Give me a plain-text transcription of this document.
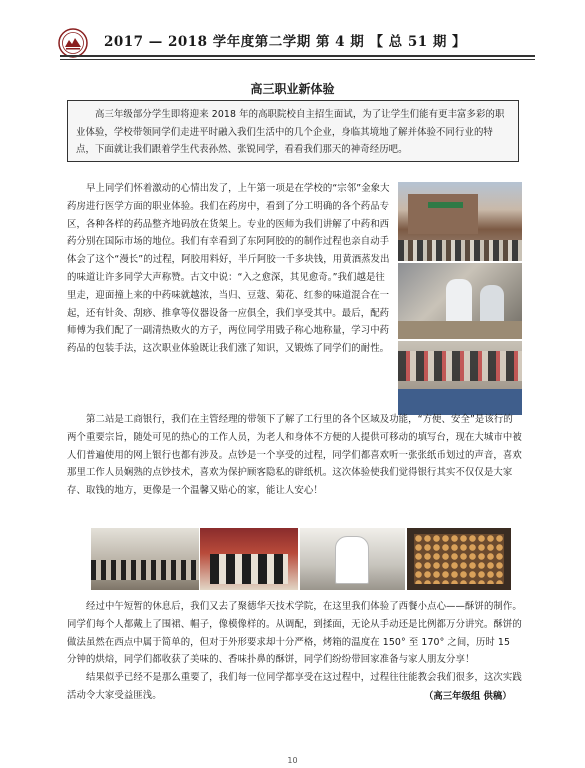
2017 — 2018 学年度第二学期 第 4 期 【 总 51 期 】
高三职业新体验
高三年级部分学生即将迎来 2018 年的高职院校自主招生面试，为了让学生们能有更丰富多彩的职业体验，学校带领同学们走进平时融入我们生活中的几个企业，身临其境地了解并体验不同行业的特点，下面就让我们跟着学生代表孙然、张锐同学，看看我们那天的神奇经历吧。
早上同学们怀着激动的心情出发了，上午第一项是在学校的“宗邻”金象大药房进行医学方面的职业体验。我们在药房中，看到了分工明确的各个药品专区，各种各样的药品整齐地码放在货架上。专业的医师为我们讲解了中药和西药分别在国际市场的地位。我们有幸看到了东阿阿胶的的制作过程也亲自动手体会了这个“漫长”的过程，阿胶用料好，半斤阿胶一千多块钱，用黄酒蒸发出的味道让许多同学大声称赞。古文中说：“入之愈深，其见愈奇。”我们越是往里走，迎面撞上来的中药味就越浓，当归、豆蔻、菊花、红参的味道混合在一起，还有针灸、刮痧、推拿等仪器设备一应俱全，我们享受其中。最后，配药师傅为我们配了一副清热败火的方子，两位同学用戥子称心地称量，学习中药药品的包装手法，这次职业体验既让我们涨了知识，又锻炼了同学们的耐性。
第二站是工商银行，我们在主管经理的带领下了解了工行里的各个区域及功能，“方便、安全”是该行的两个重要宗旨，随处可见的热心的工作人员，为老人和身体不方便的人提供可移动的填写台，现在大城市中被人们普遍使用的网上银行也都有涉及。点钞是一个享受的过程，同学们都喜欢听一张张纸币划过的声音，喜欢那里工作人员娴熟的点钞技术，喜欢为保护顾客隐私的辟纸机。这次体验使我们觉得银行其实不仅仅是大家存、取钱的地方，更像是一个温馨又贴心的家，能让人安心！
经过中午短暂的休息后，我们又去了聚德华天技术学院，在这里我们体验了西餐小点心——酥饼的制作。同学们每个人都戴上了围裙、帽子，像模像样的。从调配，到揉面，无论从手动还是比例都万分讲究。酥饼的做法虽然在西点中属于简单的，但对于外形要求却十分严格，烤箱的温度在 150° 至 170° 之间，历时 15 分钟的烘焙，同学们都收获了美味的、香味扑鼻的酥饼，同学们纷纷带回家准备与家人朋友分享！
结果似乎已经不是那么重要了，我们每一位同学都享受在这过程中，过程往往能教会我们很多，这次实践活动令大家受益匪浅。	（高三年级组 供稿）
10
